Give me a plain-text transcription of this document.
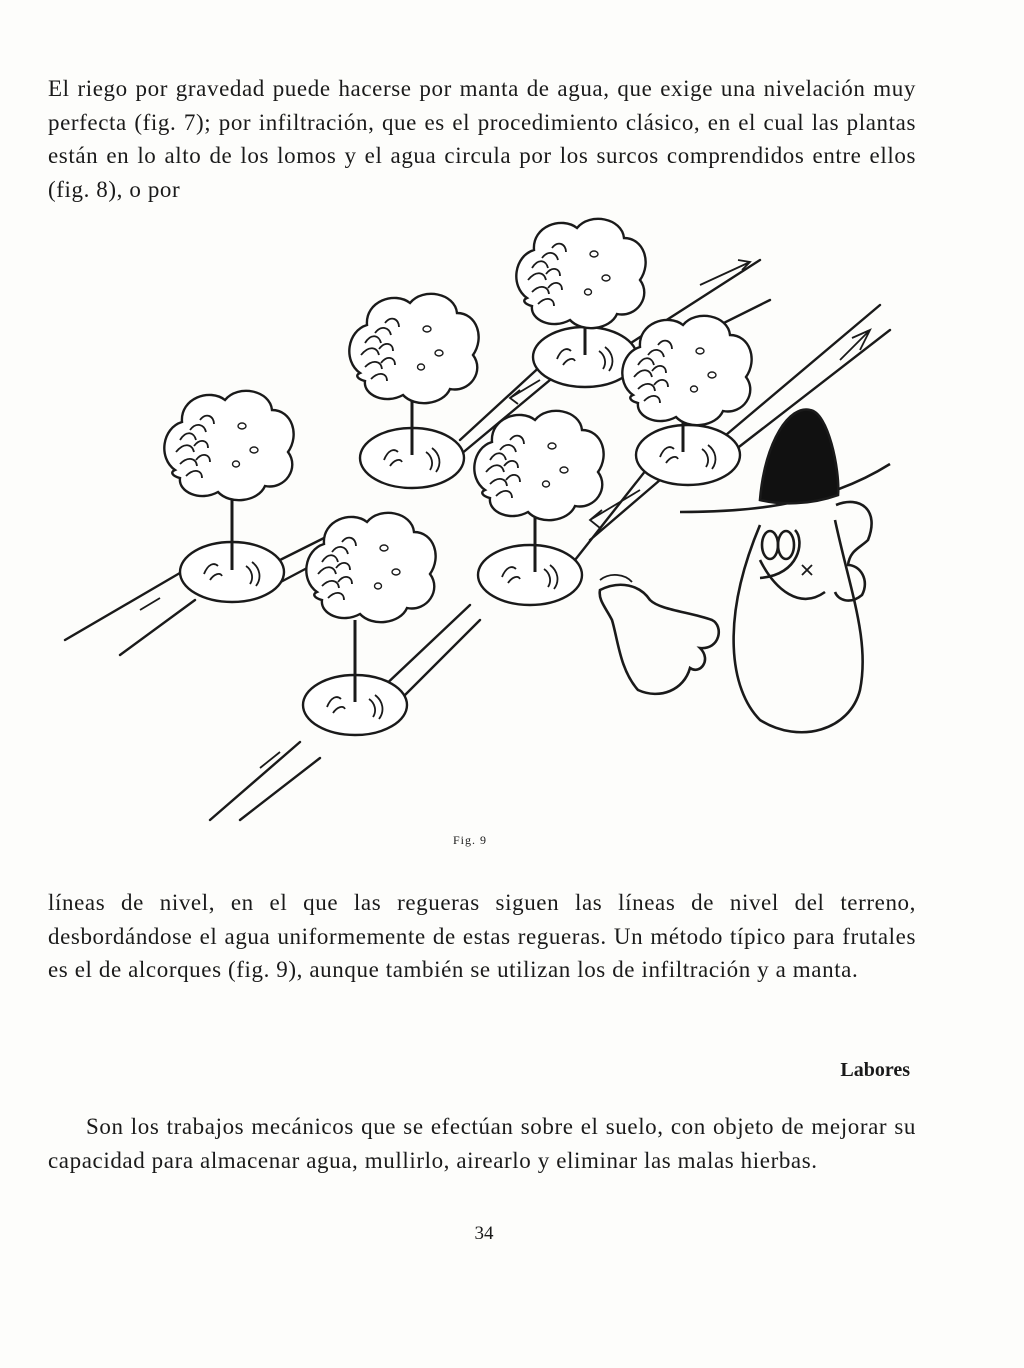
El riego por gravedad puede hacerse por manta de agua, que exige una nivelación muy perfecta (fig. 7); por infiltración, que es el procedimiento clásico, en el cual las plantas están en lo alto de los lomos y el agua circula por los surcos comprendidos entre ellos (fig. 8), o por

Fig. 9

líneas de nivel, en el que las regueras siguen las líneas de nivel del terreno, desbordándose el agua uniformemente de estas regueras. Un método típico para frutales es el de alcorques (fig. 9), aunque también se utilizan los de infiltración y a manta.

Labores

Son los trabajos mecánicos que se efectúan sobre el suelo, con objeto de mejorar su capacidad para almacenar agua, mullirlo, airearlo y eliminar las malas hierbas.

34
